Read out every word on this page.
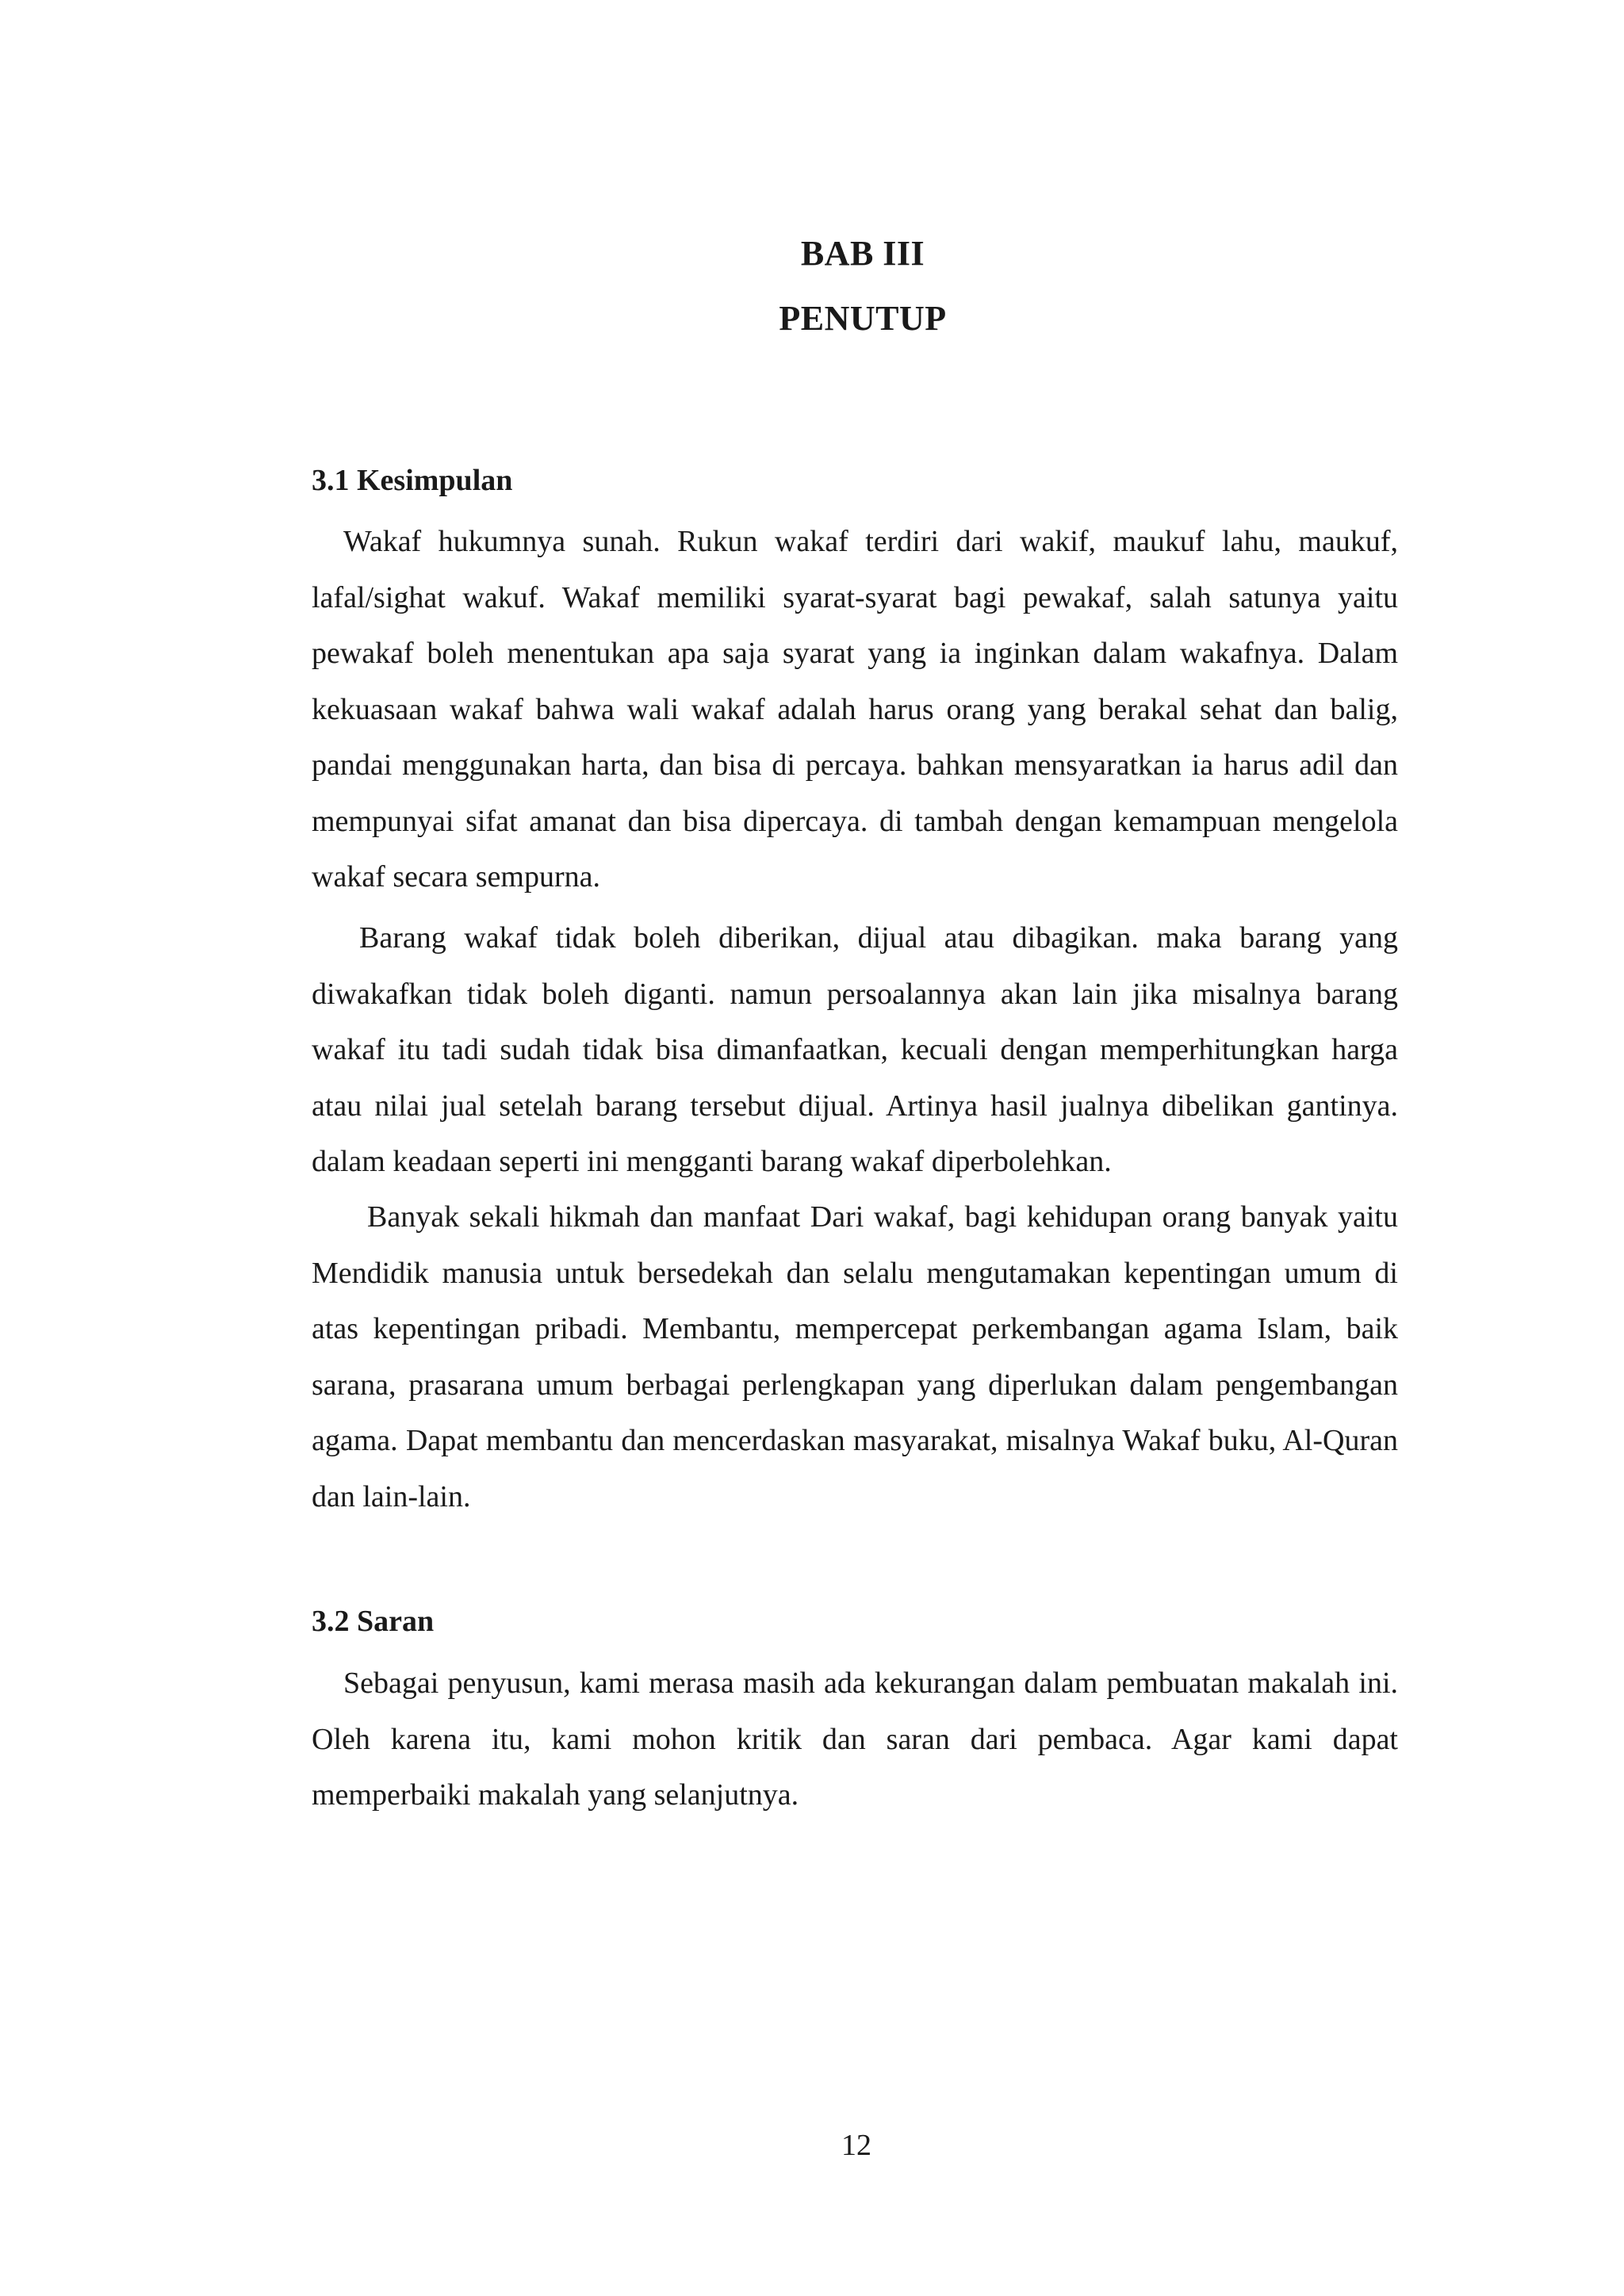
BAB III
PENUTUP
3.1 Kesimpulan

Wakaf hukumnya sunah. Rukun wakaf terdiri dari wakif, maukuf lahu, maukuf, lafal/sighat wakuf. Wakaf memiliki syarat-syarat bagi pewakaf, salah satunya yaitu pewakaf boleh menentukan apa saja syarat yang ia inginkan dalam wakafnya. Dalam kekuasaan wakaf bahwa wali wakaf adalah harus orang yang berakal sehat dan balig, pandai menggunakan harta, dan bisa di percaya. bahkan mensyaratkan ia harus adil dan mempunyai sifat amanat dan bisa dipercaya. di tambah dengan kemampuan mengelola wakaf secara sempurna.

Barang wakaf tidak boleh diberikan, dijual atau dibagikan. maka barang yang diwakafkan tidak boleh diganti. namun persoalannya akan lain jika misalnya barang wakaf itu tadi sudah tidak bisa dimanfaatkan, kecuali dengan memperhitungkan harga atau nilai jual setelah barang tersebut dijual. Artinya hasil jualnya dibelikan gantinya. dalam keadaan seperti ini mengganti barang wakaf diperbolehkan.

Banyak sekali hikmah dan manfaat Dari wakaf, bagi kehidupan orang banyak yaitu Mendidik manusia untuk bersedekah dan selalu mengutamakan kepentingan umum di atas kepentingan pribadi. Membantu, mempercepat perkembangan agama Islam, baik sarana, prasarana umum berbagai perlengkapan yang diperlukan dalam pengembangan agama. Dapat membantu dan mencerdaskan masyarakat, misalnya Wakaf buku, Al-Quran dan lain-lain.

3.2 Saran

Sebagai penyusun, kami merasa masih ada kekurangan dalam pembuatan makalah ini. Oleh karena itu, kami mohon kritik dan saran dari pembaca. Agar kami dapat memperbaiki makalah yang selanjutnya.

12
